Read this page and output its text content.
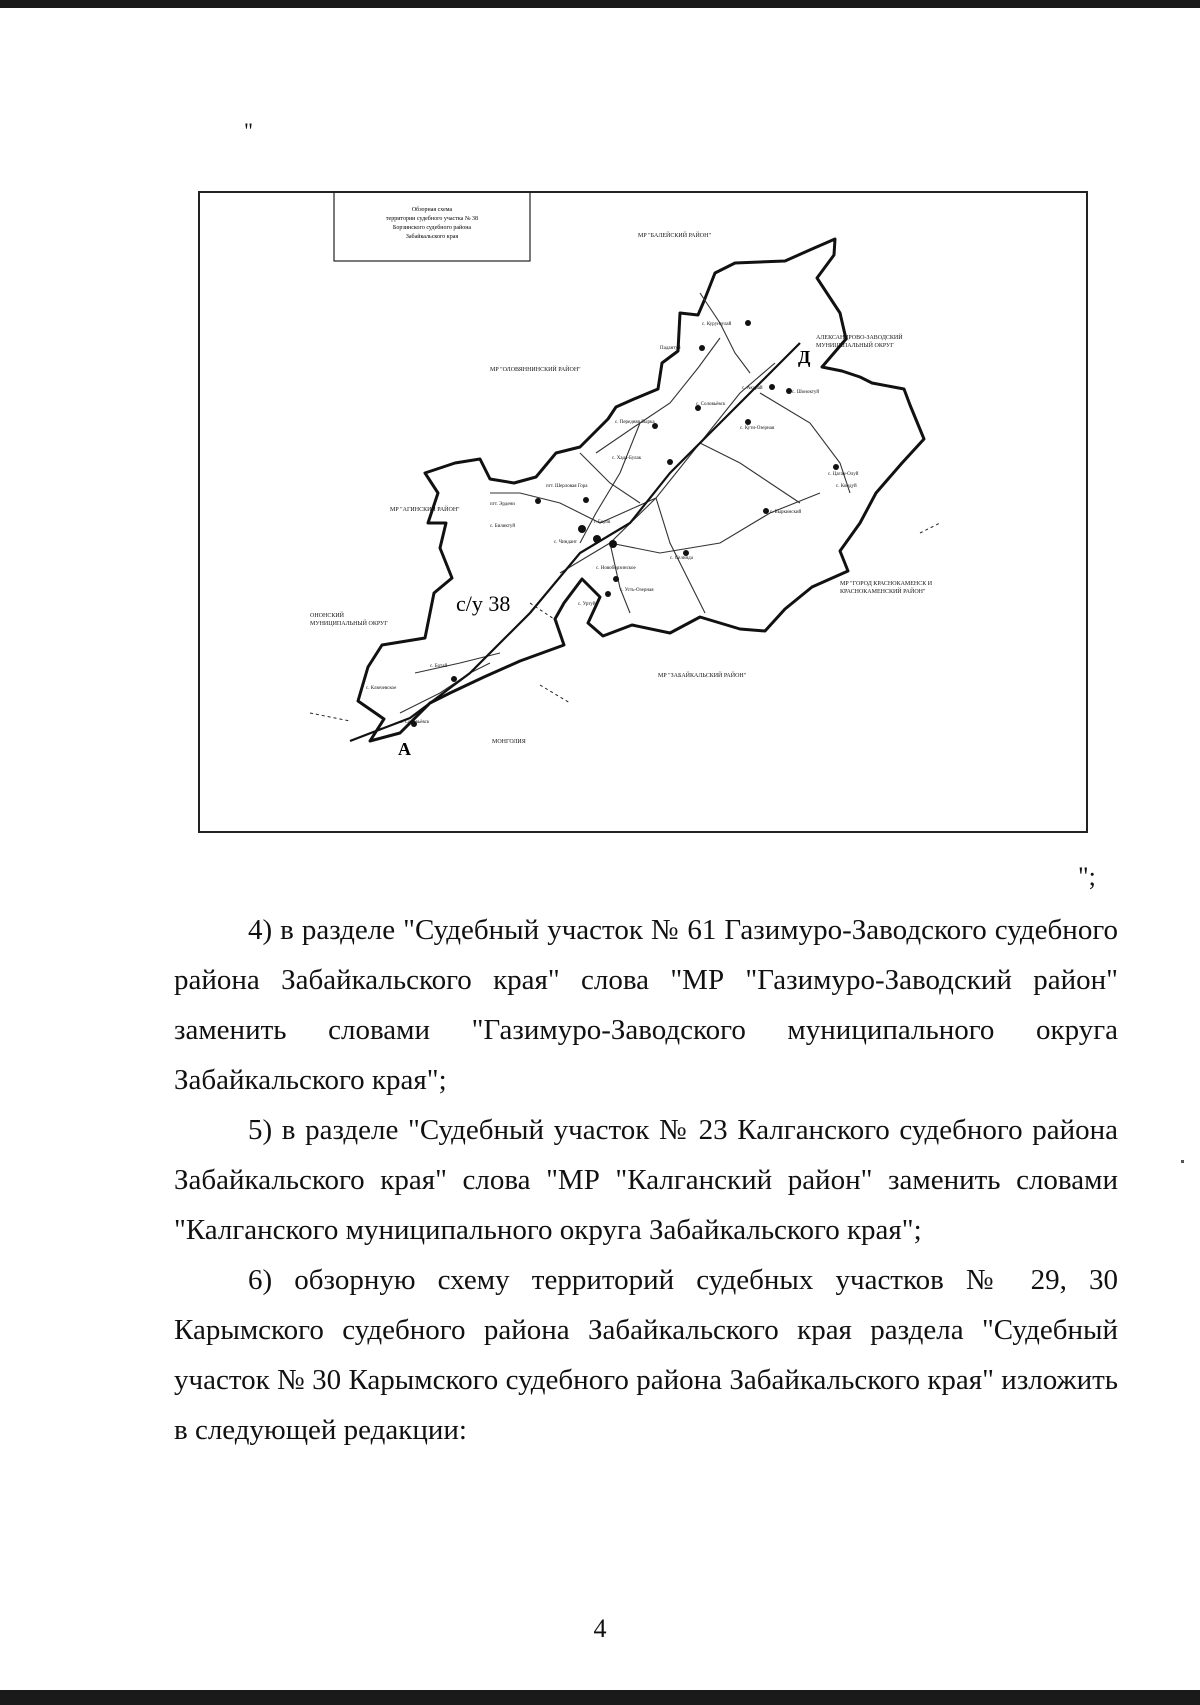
"
Обзорная схема
территории судебного участка № 38
Борзинского судебного района
Забайкальского края	МР "БАЛЕЙСКИЙ РАЙОН"
АЛЕКСАНДРОВО-ЗАВОДСКИЙ
МУНИЦИПАЛЬНЫЙ ОКРУГ
МР "ОЛОВЯННИНСКИЙ РАЙОН"
МР "АГИНСКИЙ РАЙОН"
МР "ГОРОД КРАСНОКАМЕНСК И
КРАСНОКАМЕНСКИЙ РАЙОН"
ОНОНСКИЙ
МУНИЦИПАЛЬНЫЙ ОКРУГ
МР "ЗАБАЙКАЛЬСКИЙ РАЙОН"
МОНГОЛИЯ
с. Курунзулай
Падантуй
с. Акурай
с. Шоноктуй
с. Соловьёвск
с. Передняя Бырка
с. Кути-Озерная
с. Хада-Булак
пгт. Шерловая Гора
с. Цаган-Олуй
с. Кондуй
с. Быркинский
пгт. Эрдени
г. Борзя
с. Чиндант
с. Биликтуй
с. Новоборзинское
с. Селинда
с. Усть-Озерная
с. Уртуй
с. Ботай
с. Ключевское
с. Соловьёвск
с/у 38
А
Д
";

4) в разделе "Судебный участок № 61 Газимуро-Заводского судебного района Забайкальского края" слова "МР "Газимуро-Заводский район" заменить словами "Газимуро-Заводского муниципального округа Забайкальского края";

5) в разделе "Судебный участок № 23 Калганского судебного района Забайкальского края" слова "МР "Калганский район" заменить словами "Калганского муниципального округа Забайкальского края";

6) обзорную схему территорий судебных участков № 29, 30 Карымского судебного района Забайкальского края раздела "Судебный участок № 30 Карымского судебного района Забайкальского края" изложить в следующей редакции:

4
